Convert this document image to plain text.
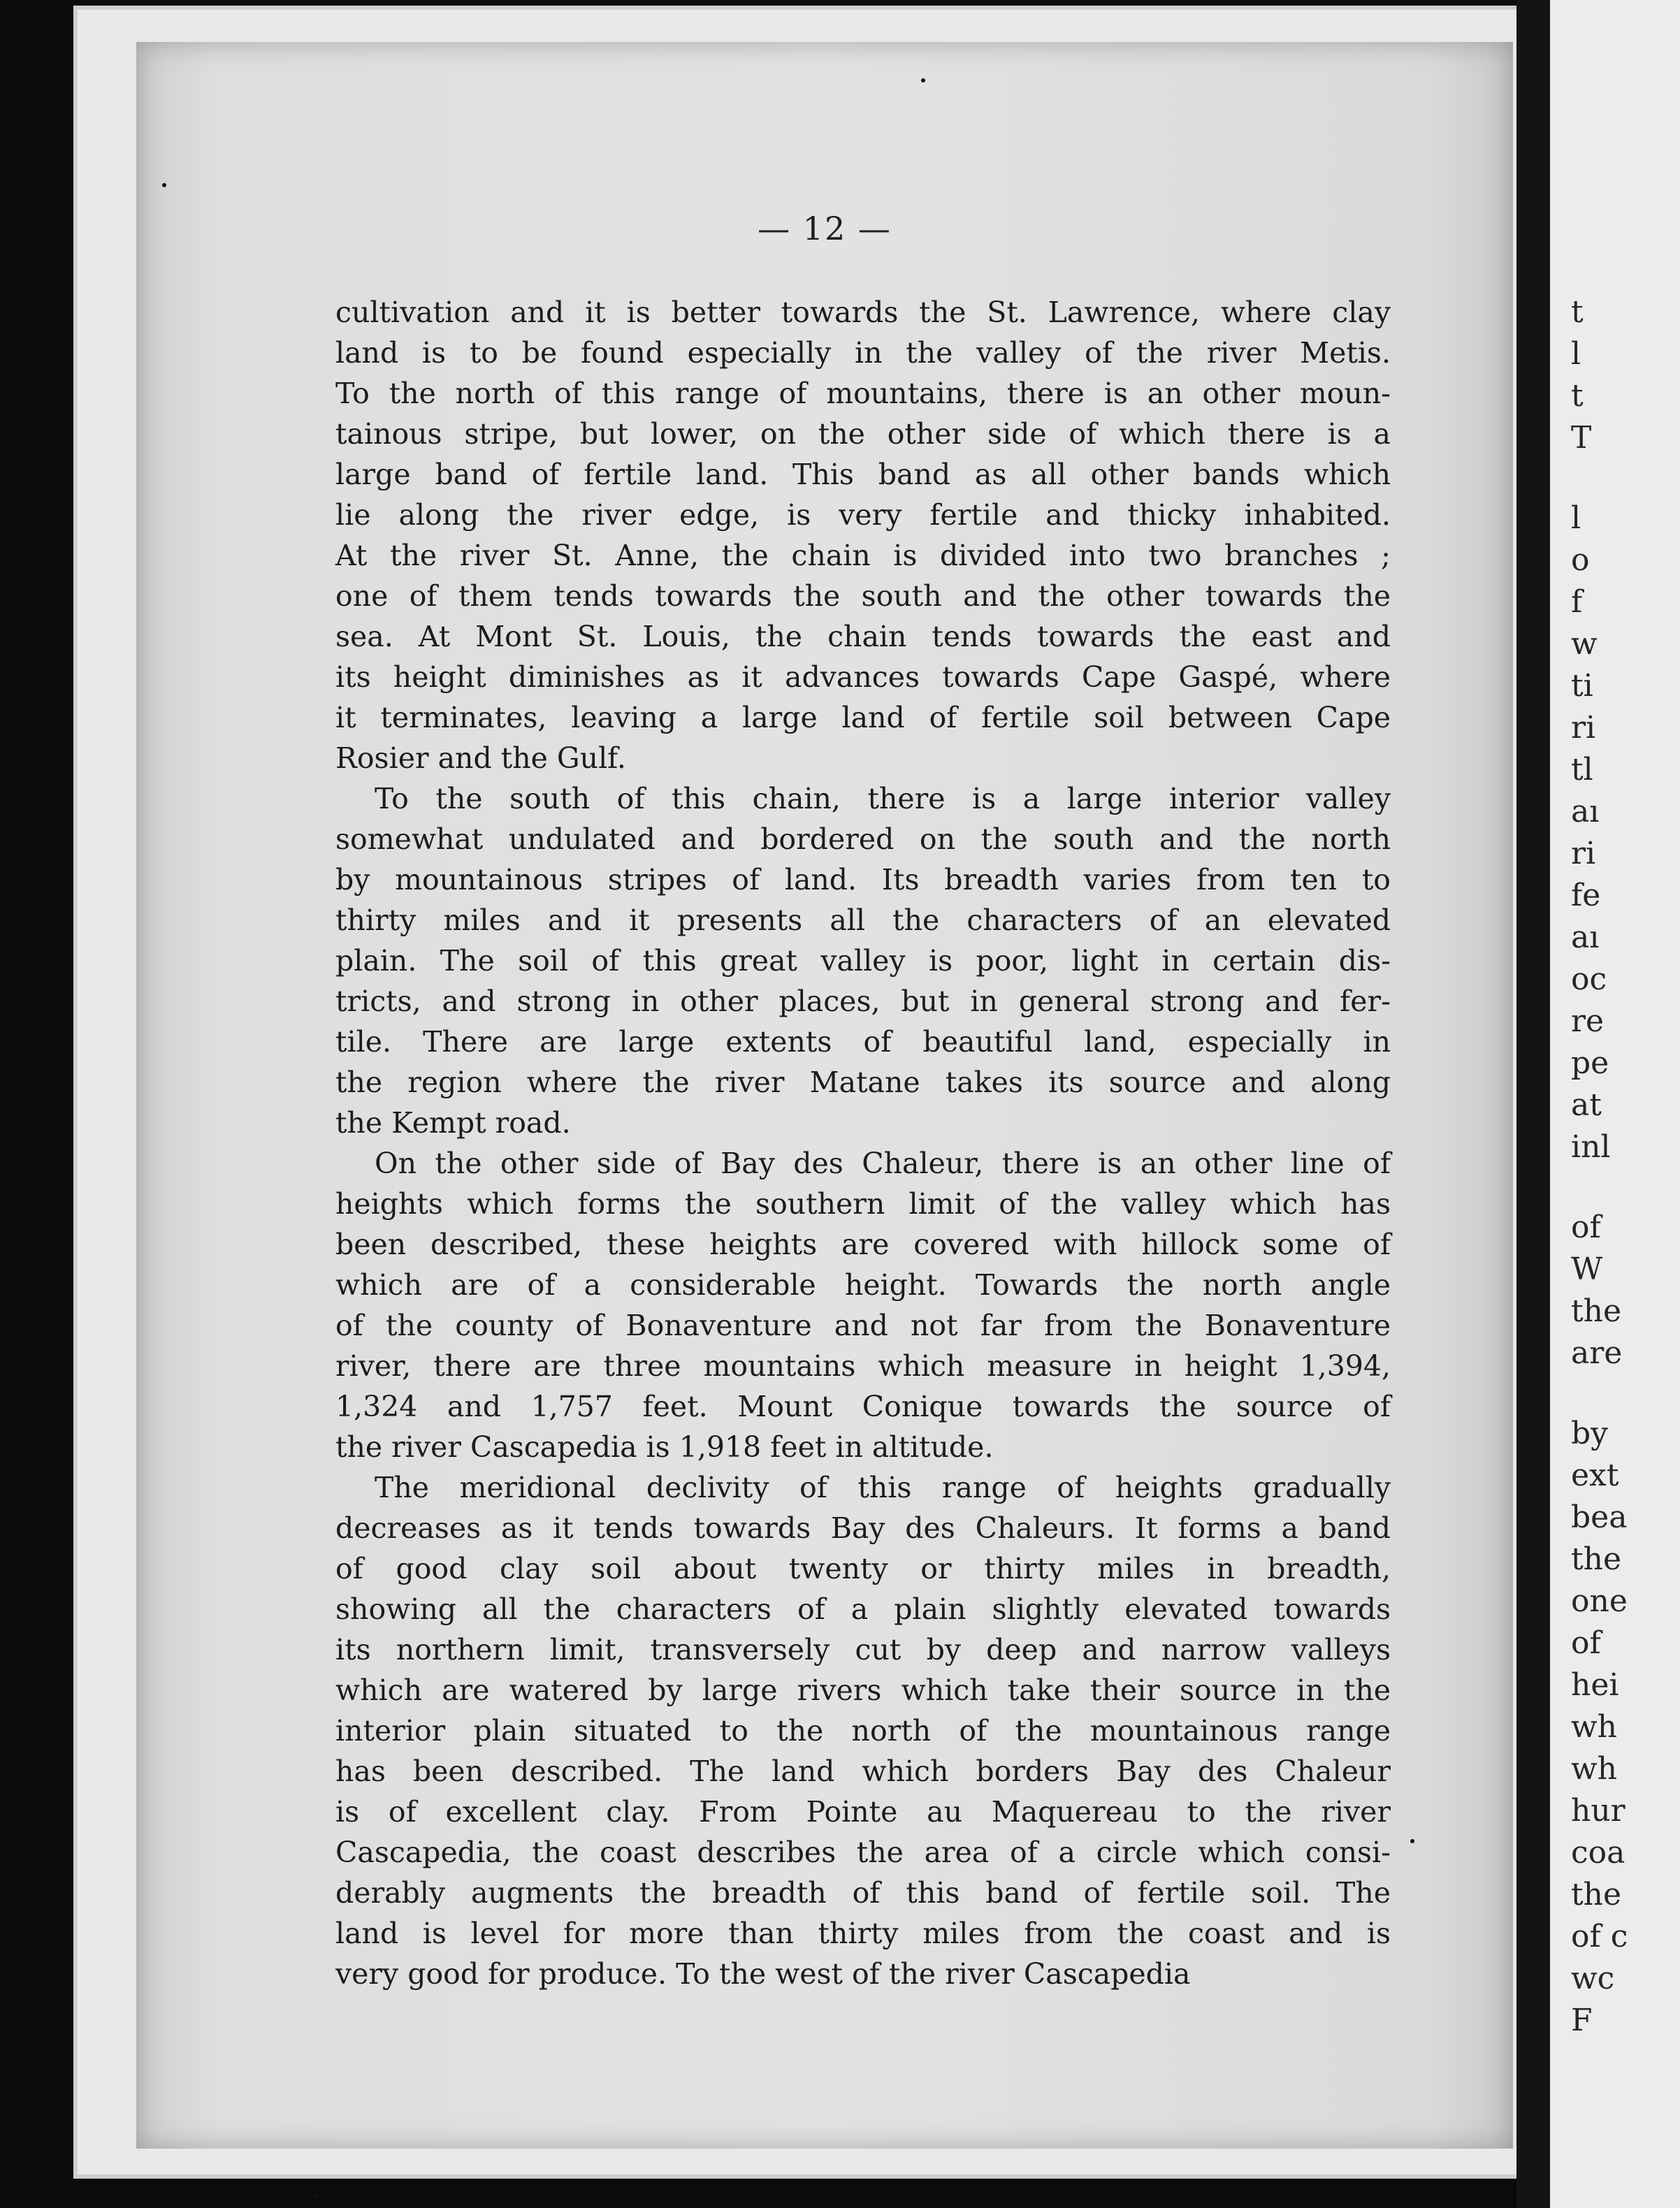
— 12 —

cultivation and it is better towards the St. Lawrence, where clay

land is to be found especially in the valley of the river Metis.

To the north of this range of mountains, there is an other moun-

tainous stripe, but lower, on the other side of which there is a

large band of fertile land. This band as all other bands which

lie along the river edge, is very fertile and thicky inhabited.

At the river St. Anne, the chain is divided into two branches ;

one of them tends towards the south and the other towards the

sea. At Mont St. Louis, the chain tends towards the east and

its height diminishes as it advances towards Cape Gaspé, where

it terminates, leaving a large land of fertile soil between Cape

Rosier and the Gulf.

To the south of this chain, there is a large interior valley

somewhat undulated and bordered on the south and the north

by mountainous stripes of land. Its breadth varies from ten to

thirty miles and it presents all the characters of an elevated

plain. The soil of this great valley is poor, light in certain dis-

tricts, and strong in other places, but in general strong and fer-

tile. There are large extents of beautiful land, especially in

the region where the river Matane takes its source and along

the Kempt road.

On the other side of Bay des Chaleur, there is an other line of

heights which forms the southern limit of the valley which has

been described, these heights are covered with hillock some of

which are of a considerable height. Towards the north angle

of the county of Bonaventure and not far from the Bonaventure

river, there are three mountains which measure in height 1,394,

1,324 and 1,757 feet. Mount Conique towards the source of

the river Cascapedia is 1,918 feet in altitude.

The meridional declivity of this range of heights gradually

decreases as it tends towards Bay des Chaleurs. It forms a band

of good clay soil about twenty or thirty miles in breadth,

showing all the characters of a plain slightly elevated towards

its northern limit, transversely cut by deep and narrow valleys

which are watered by large rivers which take their source in the

interior plain situated to the north of the mountainous range

has been described. The land which borders Bay des Chaleur

is of excellent clay. From Pointe au Maquereau to the river

Cascapedia, the coast describes the area of a circle which consi-

derably augments the breadth of this band of fertile soil. The

land is level for more than thirty miles from the coast and is

very good for produce. To the west of the river Cascapedia

t

l

t

T

l

o

f

w

ti

ri

tl

aı

ri

fe

aı

oc

re

pe

at

inl

of

W

the

are

by

ext

bea

the

one

of

hei

wh

wh

hur

coa

the

of c

wc

F
